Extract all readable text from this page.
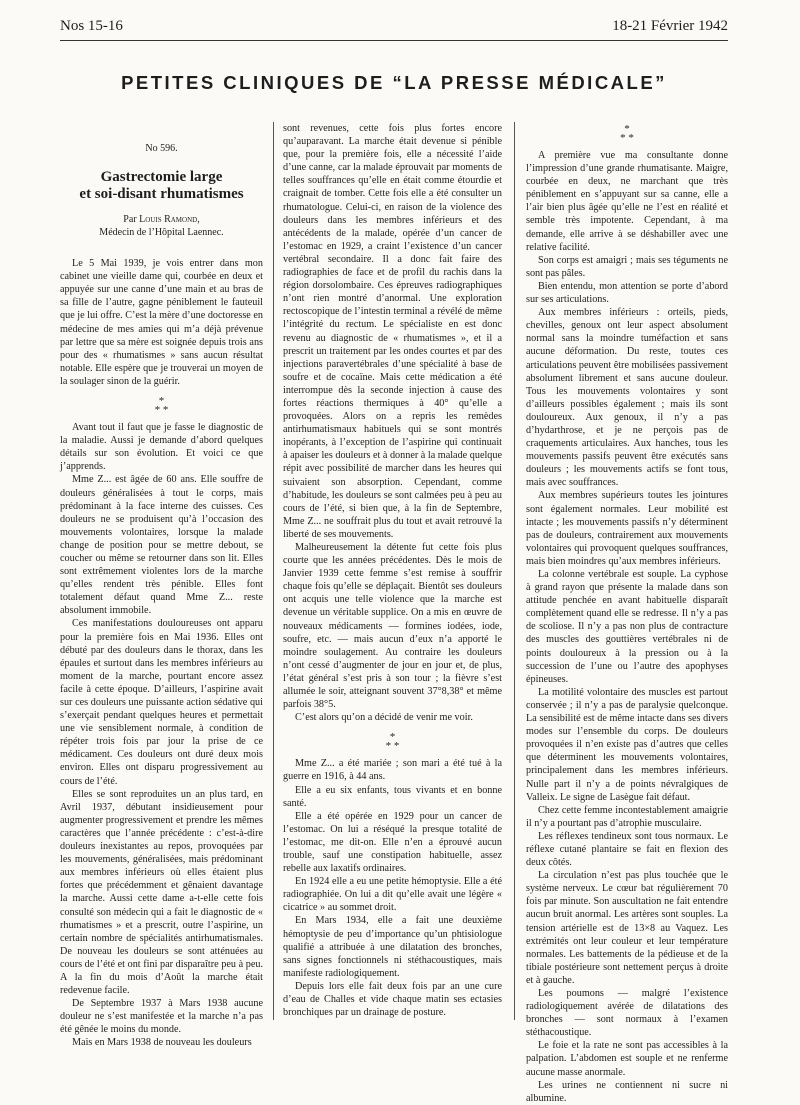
Nos 15-16	18-21 Février 1942
PETITES CLINIQUES DE “LA PRESSE MÉDICALE”
No 596.
Gastrectomie large
et soi-disant rhumatismes
Par Louis Ramond,
Médecin de l’Hôpital Laennec.

Le 5 Mai 1939, je vois entrer dans mon cabinet une vieille dame qui, courbée en deux et appuyée sur une canne d’une main et au bras de sa fille de l’autre, gagne péniblement le fauteuil que je lui offre. C’est la mère d’une doctoresse en médecine de mes amies qui m’a déjà prévenue par lettre que sa mère est soignée depuis trois ans pour des « rhumatismes » sans aucun résultat notable. Elle espère que je trouverai un moyen de la soulager sinon de la guérir.

*
* *

Avant tout il faut que je fasse le diagnostic de la maladie. Aussi je demande d’abord quelques détails sur son évolution. Et voici ce que j’apprends.

Mme Z... est âgée de 60 ans. Elle souffre de douleurs généralisées à tout le corps, mais prédominant à la face interne des cuisses. Ces douleurs ne se produisent qu’à l’occasion des mouvements volontaires, lorsque la malade change de position pour se mettre debout, se coucher ou même se retourner dans son lit. Elles sont extrêmement violentes lors de la marche qu’elles rendent très pénible. Elles font totalement défaut quand Mme Z... reste absolument immobile.

Ces manifestations douloureuses ont apparu pour la première fois en Mai 1936. Elles ont débuté par des douleurs dans le thorax, dans les épaules et surtout dans les membres inférieurs au moment de la marche, pourtant encore assez facile à cette époque. D’ailleurs, l’aspirine avait sur ces douleurs une puissante action sédative qui s’exerçait pendant quelques heures et permettait une vie sensiblement normale, à condition de répéter trois fois par jour la prise de ce médicament. Ces douleurs ont duré deux mois environ. Elles ont disparu progressivement au cours de l’été.

Elles se sont reproduites un an plus tard, en Avril 1937, débutant insidieusement pour augmenter progressivement et prendre les mêmes caractères que l’année précédente : c’est-à-dire douleurs inexistantes au repos, provoquées par les mouvements, généralisées, mais prédominant aux membres inférieurs où elles étaient plus fortes que précédemment et gênaient davantage la marche. Aussi cette dame a-t-elle cette fois consulté son médecin qui a fait le diagnostic de « rhumatismes » et a prescrit, outre l’aspirine, un certain nombre de spécialités antirhumatismales. De nouveau les douleurs se sont atténuées au cours de l’été et ont fini par disparaître peu à peu. A la fin du mois d’Août la marche était redevenue facile.

De Septembre 1937 à Mars 1938 aucune douleur ne s’est manifestée et la marche n’a pas été gênée le moins du monde.

Mais en Mars 1938 de nouveau les douleurs

sont revenues, cette fois plus fortes encore qu’auparavant. La marche était devenue si pénible que, pour la première fois, elle a nécessité l’aide d’une canne, car la malade éprouvait par moments de telles souffrances qu’elle en était comme étourdie et craignait de tomber. Cette fois elle a été consulter un rhumatologue. Celui-ci, en raison de la violence des douleurs dans les membres inférieurs et des antécédents de la malade, opérée d’un cancer de l’estomac en 1929, a craint l’existence d’un cancer vertébral secondaire. Il a donc fait faire des radiographies de face et de profil du rachis dans la région dorsolombaire. Ces épreuves radiographiques n’ont rien montré d’anormal. Une exploration rectoscopique de l’intestin terminal a révélé de même l’intégrité du rectum. Le spécialiste en est donc revenu au diagnostic de « rhumatismes », et il a prescrit un traitement par les ondes courtes et par des injections paravertébrales d’une spécialité à base de soufre et de cocaïne. Mais cette médication a été interrompue dès la seconde injection à cause des fortes réactions thermiques à 40° qu’elle a provoquées. Alors on a repris les remèdes antirhumatismaux habituels qui se sont montrés inopérants, à l’exception de l’aspirine qui continuait à apaiser les douleurs et à donner à la malade quelque répit avec possibilité de marcher dans les heures qui suivaient son absorption. Cependant, comme d’habitude, les douleurs se sont calmées peu à peu au cours de l’été, si bien que, à la fin de Septembre, Mme Z... ne souffrait plus du tout et avait retrouvé la liberté de ses mouvements.

Malheureusement la détente fut cette fois plus courte que les années précédentes. Dès le mois de Janvier 1939 cette femme s’est remise à souffrir chaque fois qu’elle se déplaçait. Bientôt ses douleurs ont acquis une telle violence que la marche est devenue un véritable supplice. On a mis en œuvre de nouveaux médicaments — formines iodées, iode, soufre, etc. — mais aucun d’eux n’a apporté le moindre soulagement. Au contraire les douleurs n’ont cessé d’augmenter de jour en jour et, de plus, l’état général s’est pris à son tour ; la fièvre s’est allumée le soir, atteignant souvent 37°8,38° et même parfois 38°5.

C’est alors qu’on a décidé de venir me voir.

*
* *

Mme Z... a été mariée ; son mari a été tué à la guerre en 1916, à 44 ans.

Elle a eu six enfants, tous vivants et en bonne santé.

Elle a été opérée en 1929 pour un cancer de l’estomac. On lui a réséqué la presque totalité de l’estomac, me dit-on. Elle n’en a éprouvé aucun trouble, sauf une constipation habituelle, assez rebelle aux laxatifs ordinaires.

En 1924 elle a eu une petite hémoptysie. Elle a été radiographiée. On lui a dit qu’elle avait une légère « cicatrice » au sommet droit.

En Mars 1934, elle a fait une deuxième hémoptysie de peu d’importance qu’un phtisiologue qualifié a attribuée à une dilatation des bronches, sans signes fonctionnels ni stéthacoustiques, mais manifeste radiologiquement.

Depuis lors elle fait deux fois par an une cure d’eau de Challes et vide chaque matin ses ectasies bronchiques par un drainage de posture.

*
* *

A première vue ma consultante donne l’impression d’une grande rhumatisante. Maigre, courbée en deux, ne marchant que très péniblement en s’appuyant sur sa canne, elle a l’air bien plus âgée qu’elle ne l’est en réalité et semble très impotente. Cependant, à ma demande, elle arrive à se déshabiller avec une relative facilité.

Son corps est amaigri ; mais ses téguments ne sont pas pâles.

Bien entendu, mon attention se porte d’abord sur ses articulations.

Aux membres inférieurs : orteils, pieds, chevilles, genoux ont leur aspect absolument normal sans la moindre tuméfaction et sans aucune déformation. Du reste, toutes ces articulations peuvent être mobilisées passivement absolument librement et sans aucune douleur. Tous les mouvements volontaires y sont d’ailleurs possibles également ; mais ils sont douloureux. Aux genoux, il n’y a pas d’hydarthrose, et je ne perçois pas de craquements articulaires. Aux hanches, tous les mouvements passifs peuvent être exécutés sans douleurs ; les mouvements actifs se font tous, mais avec souffrances.

Aux membres supérieurs toutes les jointures sont également normales. Leur mobilité est intacte ; les mouvements passifs n’y déterminent pas de douleurs, contrairement aux mouvements volontaires qui provoquent quelques souffrances, mais bien moindres qu’aux membres inférieurs.

La colonne vertébrale est souple. La cyphose à grand rayon que présente la malade dans son attitude penchée en avant habituelle disparaît complètement quand elle se redresse. Il n’y a pas de scoliose. Il n’y a pas non plus de contracture des muscles des gouttières vertébrales ni de points douloureux à la pression ou à la succession de l’une ou l’autre des apophyses épineuses.

La motilité volontaire des muscles est partout conservée ; il n’y a pas de paralysie quelconque. La sensibilité est de même intacte dans ses divers modes sur l’ensemble du corps. De douleurs provoquées il n’en existe pas d’autres que celles que déterminent les mouvements volontaires, principalement dans les membres inférieurs. Nulle part il n’y a de points névralgiques de Valleix. Le signe de Lasègue fait défaut.

Chez cette femme incontestablement amaigrie il n’y a pourtant pas d’atrophie musculaire.

Les réflexes tendineux sont tous normaux. Le réflexe cutané plantaire se fait en flexion des deux côtés.

La circulation n’est pas plus touchée que le système nerveux. Le cœur bat régulièrement 70 fois par minute. Son auscultation ne fait entendre aucun bruit anormal. Les artères sont souples. La tension artérielle est de 13×8 au Vaquez. Les extrémités ont leur couleur et leur température normales. Les battements de la pédieuse et de la tibiale postérieure sont nettement perçus à droite et à gauche.

Les poumons — malgré l’existence radiologiquement avérée de dilatations des bronches — sont normaux à l’examen stéthacoustique.

Le foie et la rate ne sont pas accessibles à la palpation. L’abdomen est souple et ne renferme aucune masse anormale.

Les urines ne contiennent ni sucre ni albumine.
